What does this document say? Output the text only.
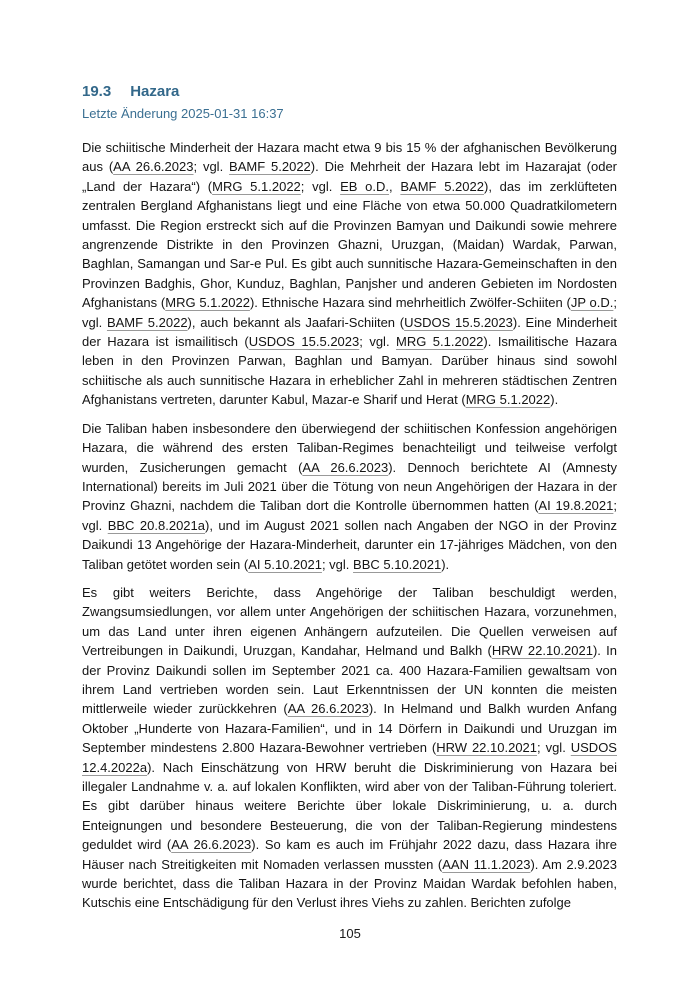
19.3 Hazara
Letzte Änderung 2025-01-31 16:37

Die schiitische Minderheit der Hazara macht etwa 9 bis 15 % der afghanischen Bevölkerung aus (AA 26.6.2023; vgl. BAMF 5.2022). Die Mehrheit der Hazara lebt im Hazarajat (oder „Land der Hazara“) (MRG 5.1.2022; vgl. EB o.D., BAMF 5.2022), das im zerklüfteten zentralen Bergland Afghanistans liegt und eine Fläche von etwa 50.000 Quadratkilometern umfasst. Die Region erstreckt sich auf die Provinzen Bamyan und Daikundi sowie mehrere angrenzende Distrikte in den Provinzen Ghazni, Uruzgan, (Maidan) Wardak, Parwan, Baghlan, Samangan und Sar-e Pul. Es gibt auch sunnitische Hazara-Gemeinschaften in den Provinzen Badghis, Ghor, Kunduz, Baghlan, Panjsher und anderen Gebieten im Nordosten Afghanistans (MRG 5.1.2022). Ethnische Hazara sind mehrheitlich Zwölfer-Schiiten (JP o.D.; vgl. BAMF 5.2022), auch bekannt als Jaafari-Schiiten (USDOS 15.5.2023). Eine Minderheit der Hazara ist ismailitisch (USDOS 15.5.2023; vgl. MRG 5.1.2022). Ismailitische Hazara leben in den Provinzen Parwan, Baghlan und Bamyan. Darüber hinaus sind sowohl schiitische als auch sunnitische Hazara in erheblicher Zahl in mehreren städtischen Zentren Afghanistans vertreten, darunter Kabul, Mazar-e Sharif und Herat (MRG 5.1.2022).

Die Taliban haben insbesondere den überwiegend der schiitischen Konfession angehörigen Hazara, die während des ersten Taliban-Regimes benachteiligt und teilweise verfolgt wurden, Zusicherungen gemacht (AA 26.6.2023). Dennoch berichtete AI (Amnesty International) bereits im Juli 2021 über die Tötung von neun Angehörigen der Hazara in der Provinz Ghazni, nachdem die Taliban dort die Kontrolle übernommen hatten (AI 19.8.2021; vgl. BBC 20.8.2021a), und im August 2021 sollen nach Angaben der NGO in der Provinz Daikundi 13 Angehörige der Hazara-Minderheit, darunter ein 17-jähriges Mädchen, von den Taliban getötet worden sein (AI 5.10.2021; vgl. BBC 5.10.2021).

Es gibt weiters Berichte, dass Angehörige der Taliban beschuldigt werden, Zwangsumsiedlungen, vor allem unter Angehörigen der schiitischen Hazara, vorzunehmen, um das Land unter ihren eigenen Anhängern aufzuteilen. Die Quellen verweisen auf Vertreibungen in Daikundi, Uruzgan, Kandahar, Helmand und Balkh (HRW 22.10.2021). In der Provinz Daikundi sollen im September 2021 ca. 400 Hazara-Familien gewaltsam von ihrem Land vertrieben worden sein. Laut Erkenntnissen der UN konnten die meisten mittlerweile wieder zurückkehren (AA 26.6.2023). In Helmand und Balkh wurden Anfang Oktober „Hunderte von Hazara-Familien“, und in 14 Dörfern in Daikundi und Uruzgan im September mindestens 2.800 Hazara-Bewohner vertrieben (HRW 22.10.2021; vgl. USDOS 12.4.2022a). Nach Einschätzung von HRW beruht die Diskriminierung von Hazara bei illegaler Landnahme v. a. auf lokalen Konflikten, wird aber von der Taliban-Führung toleriert. Es gibt darüber hinaus weitere Berichte über lokale Diskriminierung, u. a. durch Enteignungen und besondere Besteuerung, die von der Taliban-Regierung mindestens geduldet wird (AA 26.6.2023). So kam es auch im Frühjahr 2022 dazu, dass Hazara ihre Häuser nach Streitigkeiten mit Nomaden verlassen mussten (AAN 11.1.2023). Am 2.9.2023 wurde berichtet, dass die Taliban Hazara in der Provinz Maidan Wardak befohlen haben, Kutschis eine Entschädigung für den Verlust ihres Viehs zu zahlen. Berichten zufolge

105
